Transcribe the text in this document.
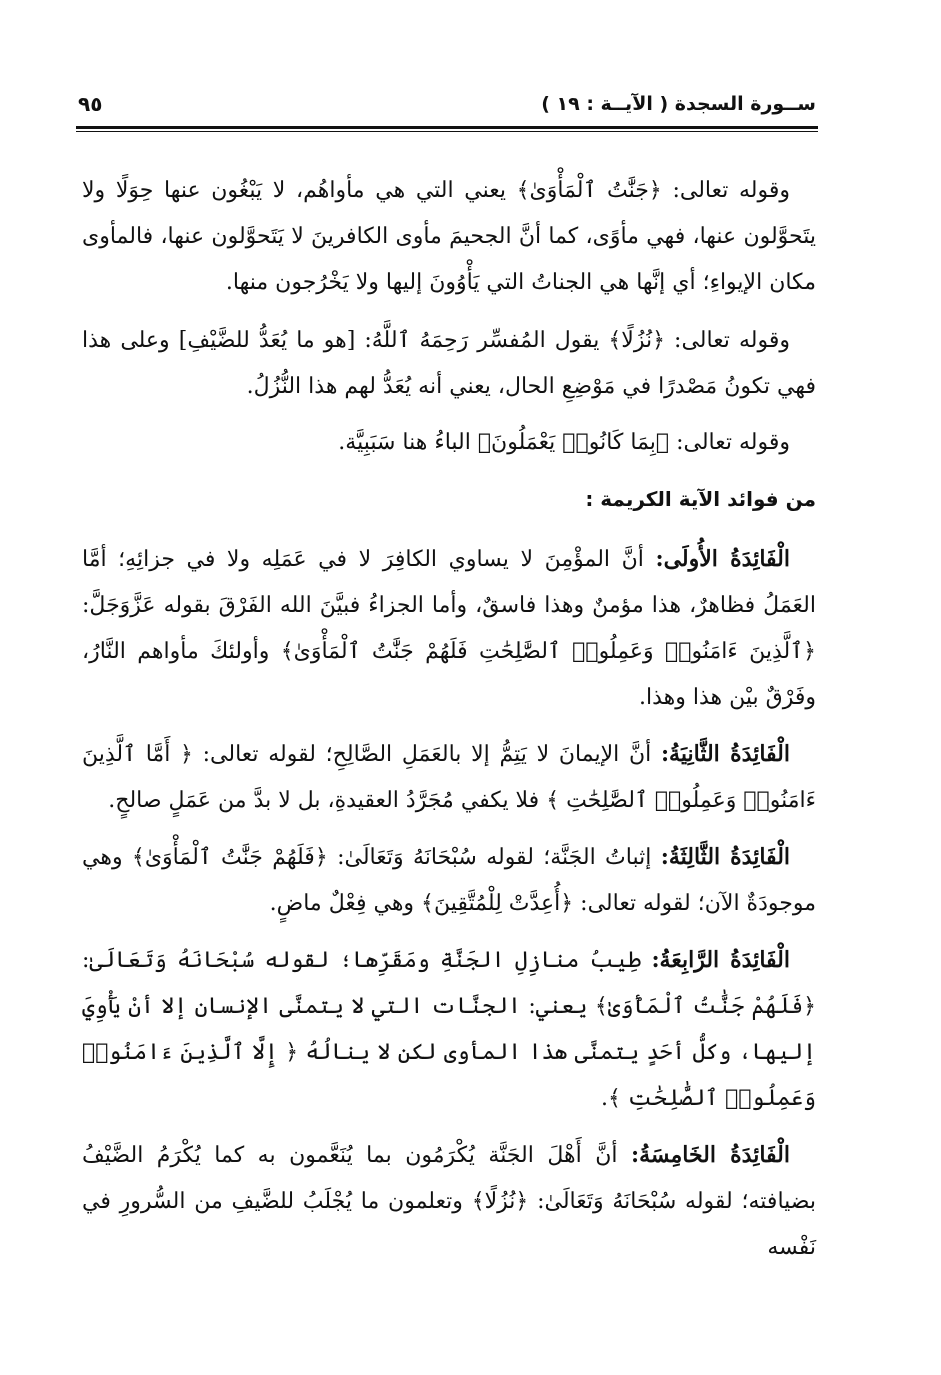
ســورة السجدة ( الآيــة : ١٩ )
٩٥

وقوله تعالى: ﴿جَنَّٰتُ ٱلْمَأْوَىٰ﴾ يعني التي هي مأواهُم، لا يَبْغُون عنها حِوَلًا ولا يتَحوَّلون عنها، فهي مأوًى، كما أنَّ الجحيمَ مأوى الكافرينَ لا يَتَحوَّلون عنها، فالمأوى مكان الإيواءِ؛ أي إنَّها هي الجناتُ التي يَأْوُونَ إليها ولا يَخْرُجون منها.

وقوله تعالى: ﴿نُزُلًا﴾ يقول المُفسِّر رَحِمَهُ ٱللَّهُ: [هو ما يُعَدُّ للضَّيْفِ] وعلى هذا فهي تكونُ مَصْدرًا في مَوْضِعِ الحال، يعني أنه يُعَدُّ لهم هذا النُّزُلُ.

وقوله تعالى: ﴿بِمَا كَانُوا۟ يَعْمَلُونَ﴾ الباءُ هنا سَبَبِيَّة.

من فوائد الآية الكريمة :

الْفَائِدَةُ الأُولَى: أنَّ المؤْمِنَ لا يساوي الكافِرَ لا في عَمَلِه ولا في جزائِهِ؛ أمَّا العَمَلُ فظاهرٌ، هذا مؤمنٌ وهذا فاسقٌ، وأما الجزاءُ فبيَّنَ الله الفَرْقَ بقوله عَزَّوَجَلَّ: ﴿ٱلَّذِينَ ءَامَنُوا۟ وَعَمِلُوا۟ ٱلصَّٰلِحَٰتِ فَلَهُمْ جَنَّٰتُ ٱلْمَأْوَىٰ﴾ وأولئكَ مأواهم النَّارُ، وفَرْقٌ بيْن هذا وهذا.

الْفَائِدَةُ الثَّانِيَةُ: أنَّ الإيمانَ لا يَتِمُّ إلا بالعَمَلِ الصَّالِحِ؛ لقوله تعالى: ﴿ أَمَّا ٱلَّذِينَ ءَامَنُوا۟ وَعَمِلُوا۟ ٱلصَّٰلِحَٰتِ ﴾ فلا يكفي مُجَرَّدُ العقيدةِ، بل لا بدَّ من عَمَلٍ صالحٍ.

الْفَائِدَةُ الثَّالِثَةُ: إثباتُ الجَنَّة؛ لقوله سُبْحَانَهُ وَتَعَالَىٰ: ﴿فَلَهُمْ جَنَّٰتُ ٱلْمَأْوَىٰ﴾ وهي موجودَةٌ الآن؛ لقوله تعالى: ﴿أُعِدَّتْ لِلْمُتَّقِينَ﴾ وهي فِعْلٌ ماضٍ.

الْفَائِدَةُ الرَّابِعَةُ: طِيبُ منازِلِ الجَنَّةِ ومَقَرِّها؛ لقوله سُبْحَانَهُ وَتَعَالَىٰ: ﴿فَلَهُمْ جَنَّٰتُ ٱلْمَأْوَىٰ﴾ يعني: الجنَّات التي لا يتمنَّى الإنسان إلا أنْ يَأْوِيَ إليها، وكلُّ أحَدٍ يتمنَّى هذا المأوى لكن لا ينالُهُ ﴿ إِلَّا ٱلَّذِينَ ءَامَنُوا۟ وَعَمِلُوا۟ ٱلصَّٰلِحَٰتِ ﴾.

الْفَائِدَةُ الخَامِسَةُ: أنَّ أَهْلَ الجَنَّة يُكْرَمُون بما يُنَعَّمون به كما يُكْرَمُ الضَّيْفُ بضيافته؛ لقوله سُبْحَانَهُ وَتَعَالَىٰ: ﴿نُزُلًا﴾ وتعلمون ما يُجْلَبُ للضَّيفِ من السُّرورِ في نَفْسه
